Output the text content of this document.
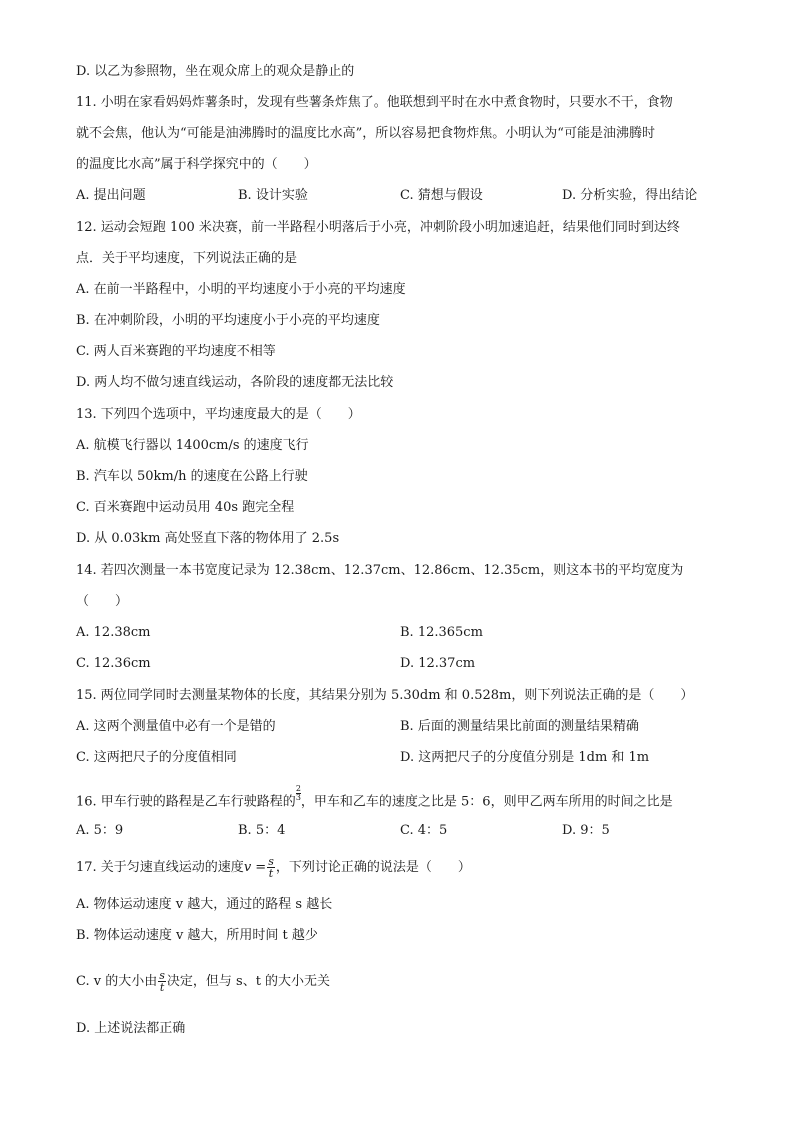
D. 以乙为参照物，坐在观众席上的观众是静止的
11. 小明在家看妈妈炸薯条时，发现有些薯条炸焦了。他联想到平时在水中煮食物时，只要水不干，食物
就不会焦，他认为“可能是油沸腾时的温度比水高”，所以容易把食物炸焦。小明认为“可能是油沸腾时
的温度比水高”属于科学探究中的（　　）
A. 提出问题	B. 设计实验	C. 猜想与假设	D. 分析实验，得出结论
12. 运动会短跑 100 米决赛，前一半路程小明落后于小亮，冲刺阶段小明加速追赶，结果他们同时到达终
点．关于平均速度，下列说法正确的是
A. 在前一半路程中，小明的平均速度小于小亮的平均速度
B. 在冲刺阶段，小明的平均速度小于小亮的平均速度
C. 两人百米赛跑的平均速度不相等
D. 两人均不做匀速直线运动，各阶段的速度都无法比较
13. 下列四个选项中，平均速度最大的是（　　）
A. 航模飞行器以 1400cm/s 的速度飞行
B. 汽车以 50km/h 的速度在公路上行驶
C. 百米赛跑中运动员用 40s 跑完全程
D. 从 0.03km 高处竖直下落的物体用了 2.5s
14. 若四次测量一本书宽度记录为 12.38cm、12.37cm、12.86cm、12.35cm，则这本书的平均宽度为
（　　）
A. 12.38cm	B. 12.365cm
C. 12.36cm	D. 12.37cm
15. 两位同学同时去测量某物体的长度，其结果分别为 5.30dm 和 0.528m，则下列说法正确的是（　　）
A. 这两个测量值中必有一个是错的	B. 后面的测量结果比前面的测量结果精确
C. 这两把尺子的分度值相同	D. 这两把尺子的分度值分别是 1dm 和 1m
16. 甲车行驶的路程是乙车行驶路程的 $\frac{2}{3}$ ，甲车和乙车的速度之比是 5：6，则甲乙两车所用的时间之比是
A. 5：9	B. 5：4	C. 4：5	D. 9：5
17. 关于匀速直线运动的速度$v = \frac{s}{t}$ ，下列讨论正确的说法是（　　）
A. 物体运动速度 v 越大，通过的路程 s 越长
B. 物体运动速度 v 越大，所用时间 t 越少
C. v 的大小由 $\frac{s}{t}$ 决定，但与 s、t 的大小无关
D. 上述说法都正确
